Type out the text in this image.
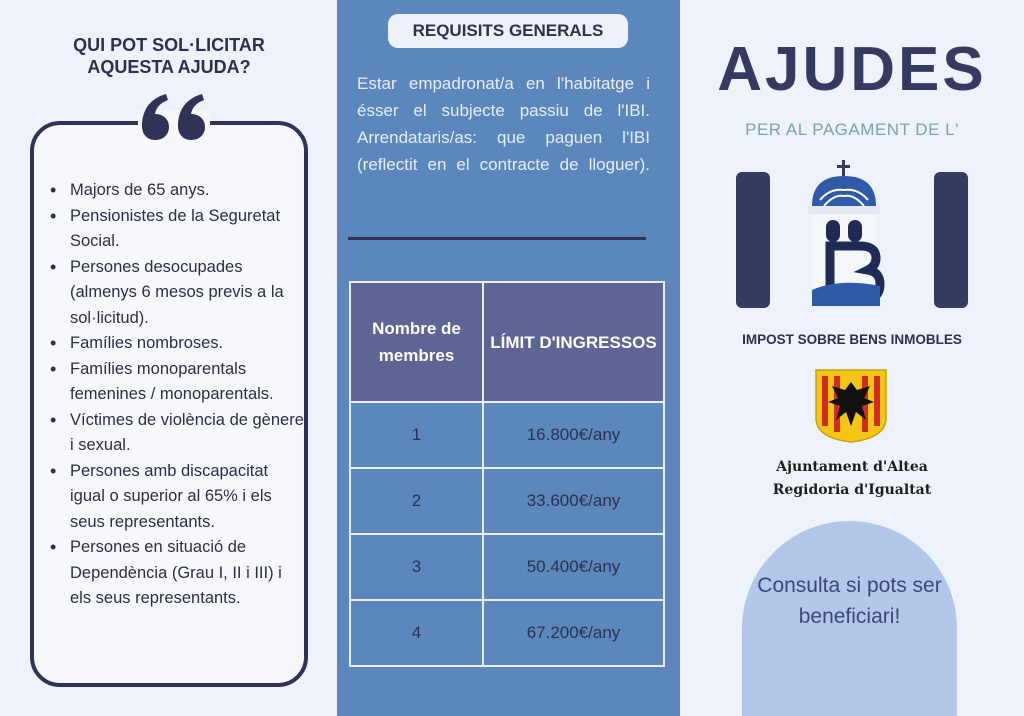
QUI POT SOL·LICITAR AQUESTA AJUDA?
• Majors de 65 anys.
• Pensionistes de la Seguretat Social.
• Persones desocupades (almenys 6 mesos previs a la sol·licitud).
• Famílies nombroses.
• Famílies monoparentals femenines / monoparentals.
• Víctimes de violència de gènere i sexual.
• Persones amb discapacitat igual o superior al 65% i els seus representants.
• Persones en situació de Dependència (Grau I, II i III) i els seus representants.
REQUISITS GENERALS
Estar empadronat/a en l'habitatge i ésser el subjecte passiu de l'IBI. Arrendataris/as: que paguen l'IBI (reflectit en el contracte de lloguer).
Nombre de membres	LÍMIT D'INGRESSOS
1	16.800€/any
2	33.600€/any
3	50.400€/any
4	67.200€/any
AJUDES
PER AL PAGAMENT DE L'
IMPOST SOBRE BENS INMOBLES
Ajuntament d'Altea
Regidoria d'Igualtat
Consulta si pots ser beneficiari!
